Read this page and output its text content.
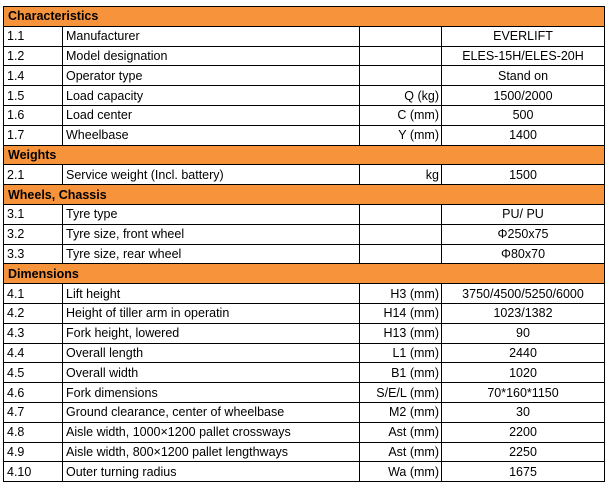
Characteristics			
1.1	Manufacturer		EVERLIFT
1.2	Model designation		ELES-15H/ELES-20H
1.4	Operator type		Stand on
1.5	Load capacity	Q (kg)	1500/2000
1.6	Load center	C (mm)	500
1.7	Wheelbase	Y (mm)	1400
Weights			
2.1	Service weight (Incl. battery)	kg	1500
Wheels, Chassis			
3.1	Tyre type		PU/ PU
3.2	Tyre size, front wheel		Φ250x75
3.3	Tyre size, rear wheel		Φ80x70
Dimensions			
4.1	Lift height	H3 (mm)	3750/4500/5250/6000
4.2	Height of tiller arm in operatin	H14 (mm)	1023/1382
4.3	Fork height, lowered	H13 (mm)	90
4.4	Overall length	L1 (mm)	2440
4.5	Overall width	B1 (mm)	1020
4.6	Fork dimensions	S/E/L (mm)	70*160*1150
4.7	Ground clearance, center of wheelbase	M2 (mm)	30
4.8	Aisle width, 1000×1200 pallet crossways	Ast (mm)	2200
4.9	Aisle width, 800×1200 pallet lengthways	Ast (mm)	2250
4.10	Outer turning radius	Wa (mm)	1675
